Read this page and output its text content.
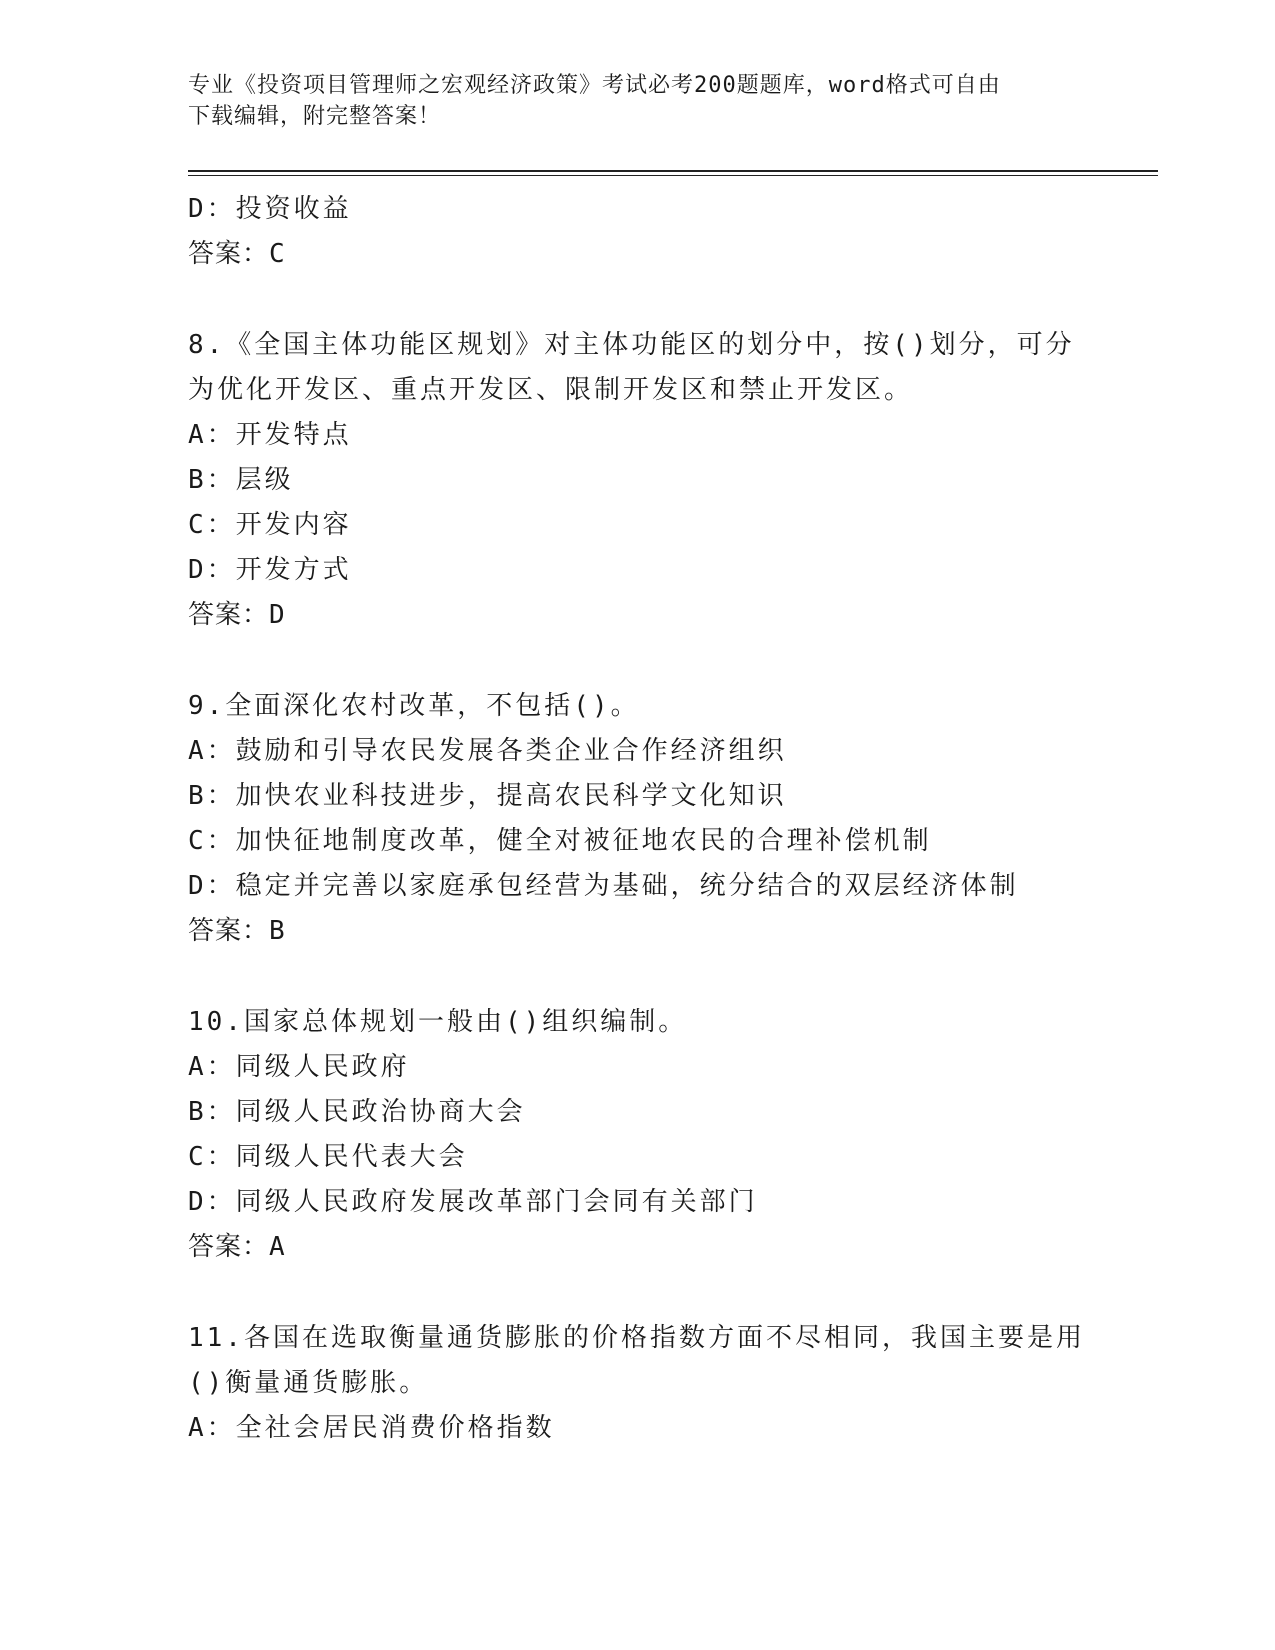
专业《投资项目管理师之宏观经济政策》考试必考200题题库，word格式可自由

下载编辑，附完整答案！

D：投资收益
答案：C
8.《全国主体功能区规划》对主体功能区的划分中，按()划分，可分
为优化开发区、重点开发区、限制开发区和禁止开发区。
A：开发特点
B：层级
C：开发内容
D：开发方式
答案：D
9.全面深化农村改革，不包括()。
A：鼓励和引导农民发展各类企业合作经济组织
B：加快农业科技进步，提高农民科学文化知识
C：加快征地制度改革，健全对被征地农民的合理补偿机制
D：稳定并完善以家庭承包经营为基础，统分结合的双层经济体制
答案：B
10.国家总体规划一般由()组织编制。
A：同级人民政府
B：同级人民政治协商大会
C：同级人民代表大会
D：同级人民政府发展改革部门会同有关部门
答案：A
11.各国在选取衡量通货膨胀的价格指数方面不尽相同，我国主要是用
()衡量通货膨胀。
A：全社会居民消费价格指数
